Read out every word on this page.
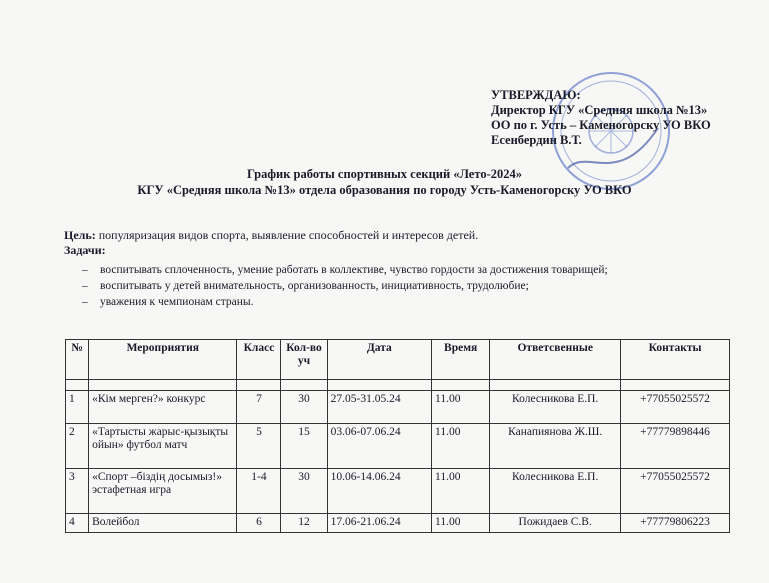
УТВЕРЖДАЮ:
Директор КГУ «Средняя школа №13»
ОО по г. Усть – Каменогорску УО ВКО
Есенбердин В.Т.
График работы спортивных секций «Лето-2024»
КГУ «Средняя школа №13» отдела образования по городу Усть-Каменогорску УО ВКО
Цель: популяризация видов спорта, выявление способностей и интересов детей.
Задачи:
– воспитывать сплоченность, умение работать в коллективе, чувство гордости за достижения товарищей;
– воспитывать у детей внимательность, организованность, инициативность, трудолюбие;
– уважения к чемпионам страны.
№	Мероприятия	Класс	Кол-во уч	Дата	Время	Ответсвенные	Контакты

1	«Кім мерген?» конкурс	7	30	27.05-31.05.24	11.00	Колесникова Е.П.	+77055025572
2	«Тартысты жарыс-қызықты ойын» футбол матч	5	15	03.06-07.06.24	11.00	Канапиянова Ж.Ш.	+77779898446
3	«Спорт –біздің досымыз!» эстафетная игра	1-4	30	10.06-14.06.24	11.00	Колесникова Е.П.	+77055025572
4	Волейбол	6	12	17.06-21.06.24	11.00	Пожидаев С.В.	+77779806223
